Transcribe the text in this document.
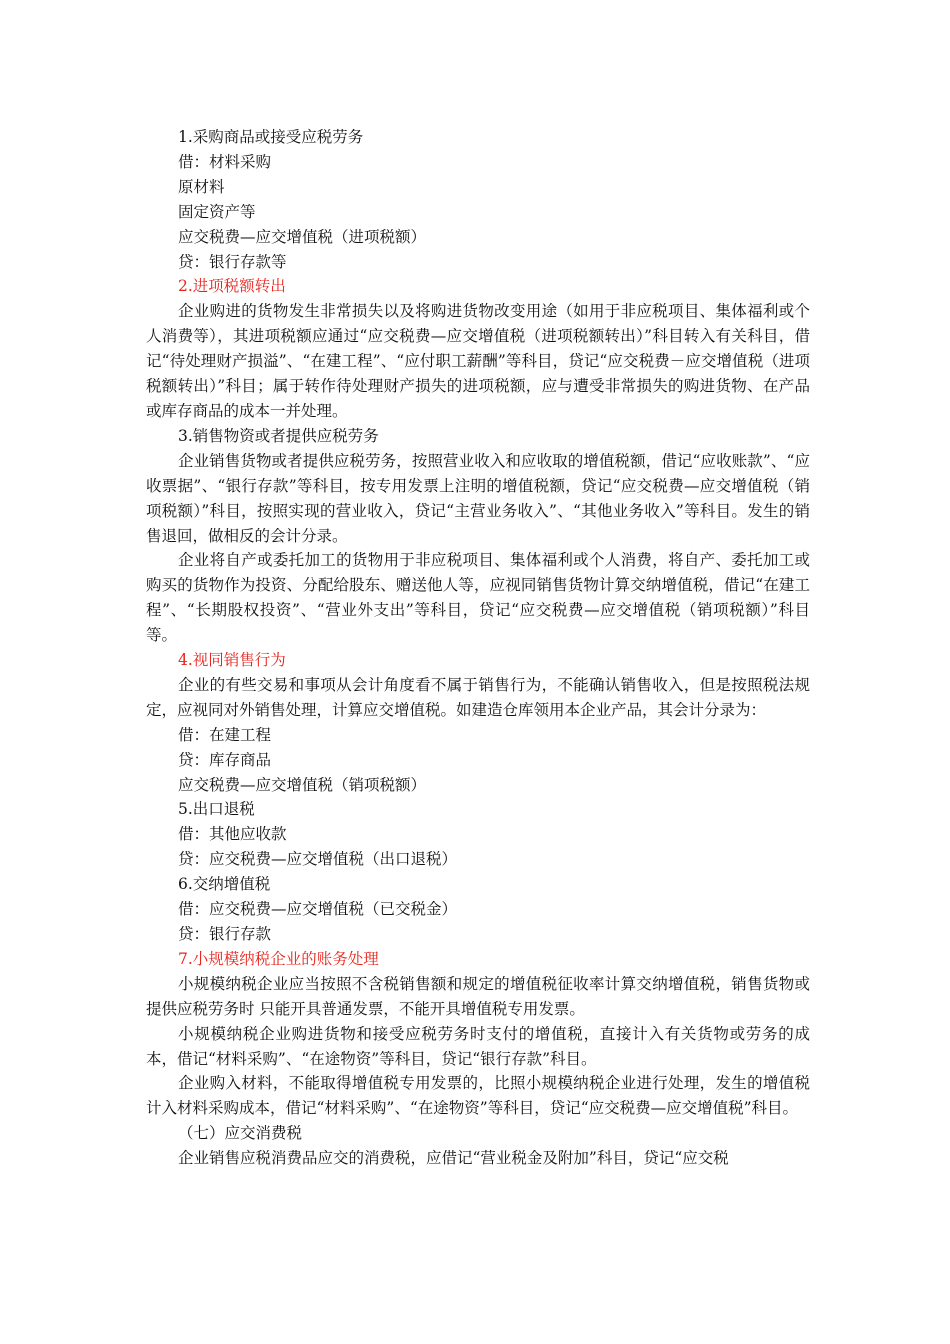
1.采购商品或接受应税劳务

借：材料采购

原材料

固定资产等

应交税费—应交增值税（进项税额）

贷：银行存款等

2.进项税额转出

企业购进的货物发生非常损失以及将购进货物改变用途（如用于非应税项目、集体福利或个人消费等），其进项税额应通过“应交税费—应交增值税（进项税额转出）”科目转入有关科目，借记“待处理财产损溢”、“在建工程”、“应付职工薪酬”等科目，贷记“应交税费－应交增值税（进项税额转出）”科目；属于转作待处理财产损失的进项税额，应与遭受非常损失的购进货物、在产品或库存商品的成本一并处理。

3.销售物资或者提供应税劳务

企业销售货物或者提供应税劳务，按照营业收入和应收取的增值税额，借记“应收账款”、“应收票据”、“银行存款”等科目，按专用发票上注明的增值税额，贷记“应交税费—应交增值税（销项税额）”科目，按照实现的营业收入，贷记“主营业务收入”、“其他业务收入”等科目。发生的销售退回，做相反的会计分录。

企业将自产或委托加工的货物用于非应税项目、集体福利或个人消费，将自产、委托加工或购买的货物作为投资、分配给股东、赠送他人等，应视同销售货物计算交纳增值税，借记“在建工程”、“长期股权投资”、“营业外支出”等科目，贷记“应交税费—应交增值税（销项税额）”科目等。

4.视同销售行为

企业的有些交易和事项从会计角度看不属于销售行为，不能确认销售收入，但是按照税法规定，应视同对外销售处理，计算应交增值税。如建造仓库领用本企业产品，其会计分录为：

借：在建工程

贷：库存商品

应交税费—应交增值税（销项税额）

5.出口退税

借：其他应收款

贷：应交税费—应交增值税（出口退税）

6.交纳增值税

借：应交税费—应交增值税（已交税金）

贷：银行存款

7.小规模纳税企业的账务处理

小规模纳税企业应当按照不含税销售额和规定的增值税征收率计算交纳增值税，销售货物或提供应税劳务时 只能开具普通发票，不能开具增值税专用发票。

小规模纳税企业购进货物和接受应税劳务时支付的增值税，直接计入有关货物或劳务的成本，借记“材料采购”、“在途物资”等科目，贷记“银行存款”科目。

企业购入材料，不能取得增值税专用发票的，比照小规模纳税企业进行处理，发生的增值税计入材料采购成本，借记“材料采购”、“在途物资”等科目，贷记“应交税费—应交增值税”科目。

（七）应交消费税

企业销售应税消费品应交的消费税，应借记“营业税金及附加”科目，贷记“应交税
